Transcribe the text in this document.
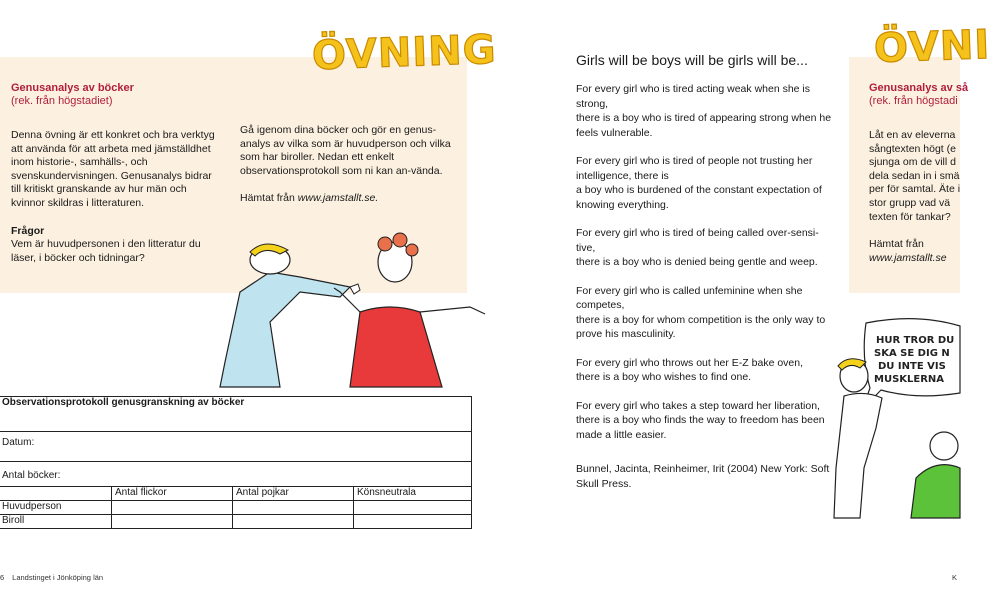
ÖVNING
Genusanalys av böcker
(rek. från högstadiet)
Denna övning är ett konkret och bra verktyg att använda för att arbeta med jämställdhet inom historie-, samhälls-, och svenskundervisningen. Genusanalys bidrar till kritiskt granskande av hur män och kvinnor skildras i litteraturen.
Frågor
Vem är huvudpersonen i den litteratur du läser, i böcker och tidningar?
Gå igenom dina böcker och gör en genus-analys av vilka som är huvudperson och vilka som har biroller. Nedan ett enkelt observationsprotokoll som ni kan an-vända.
Hämtat från www.jamstallt.se.
Observationsprotokoll genusgranskning av böcker			
Datum:			
Antal böcker:			
	Antal flickor	Antal pojkar	Könsneutrala
Huvudperson			
Biroll			
6 Landstinget i Jönköping län
Girls will be boys will be girls will be...
For every girl who is tired acting weak when she is strong,
there is a boy who is tired of appearing strong when he feels vulnerable.
For every girl who is tired of people not trusting her intelligence, there is
a boy who is burdened of the constant expectation of knowing everything.
For every girl who is tired of being called over-sensi-tive,
there is a boy who is denied being gentle and weep.
For every girl who is called unfeminine when she competes,
there is a boy for whom competition is the only way to prove his masculinity.
For every girl who throws out her E-Z bake oven,
there is a boy who wishes to find one.
For every girl who takes a step toward her liberation,
there is a boy who finds the way to freedom has been made a little easier.
Bunnel, Jacinta, Reinheimer, Irit (2004) New York: Soft Skull Press.
ÖVNI
Genusanalys av så
(rek. från högstadi
Låt en av eleverna sångtexten högt (e sjunga om de vill d dela sedan in i smä per för samtal. Äte i stor grupp vad vä texten för tankar?
Hämtat från
www.jamstallt.se
HUR TROR DU
SKA SE DIG N
DU INTE VIS
MUSKLERNA
K
